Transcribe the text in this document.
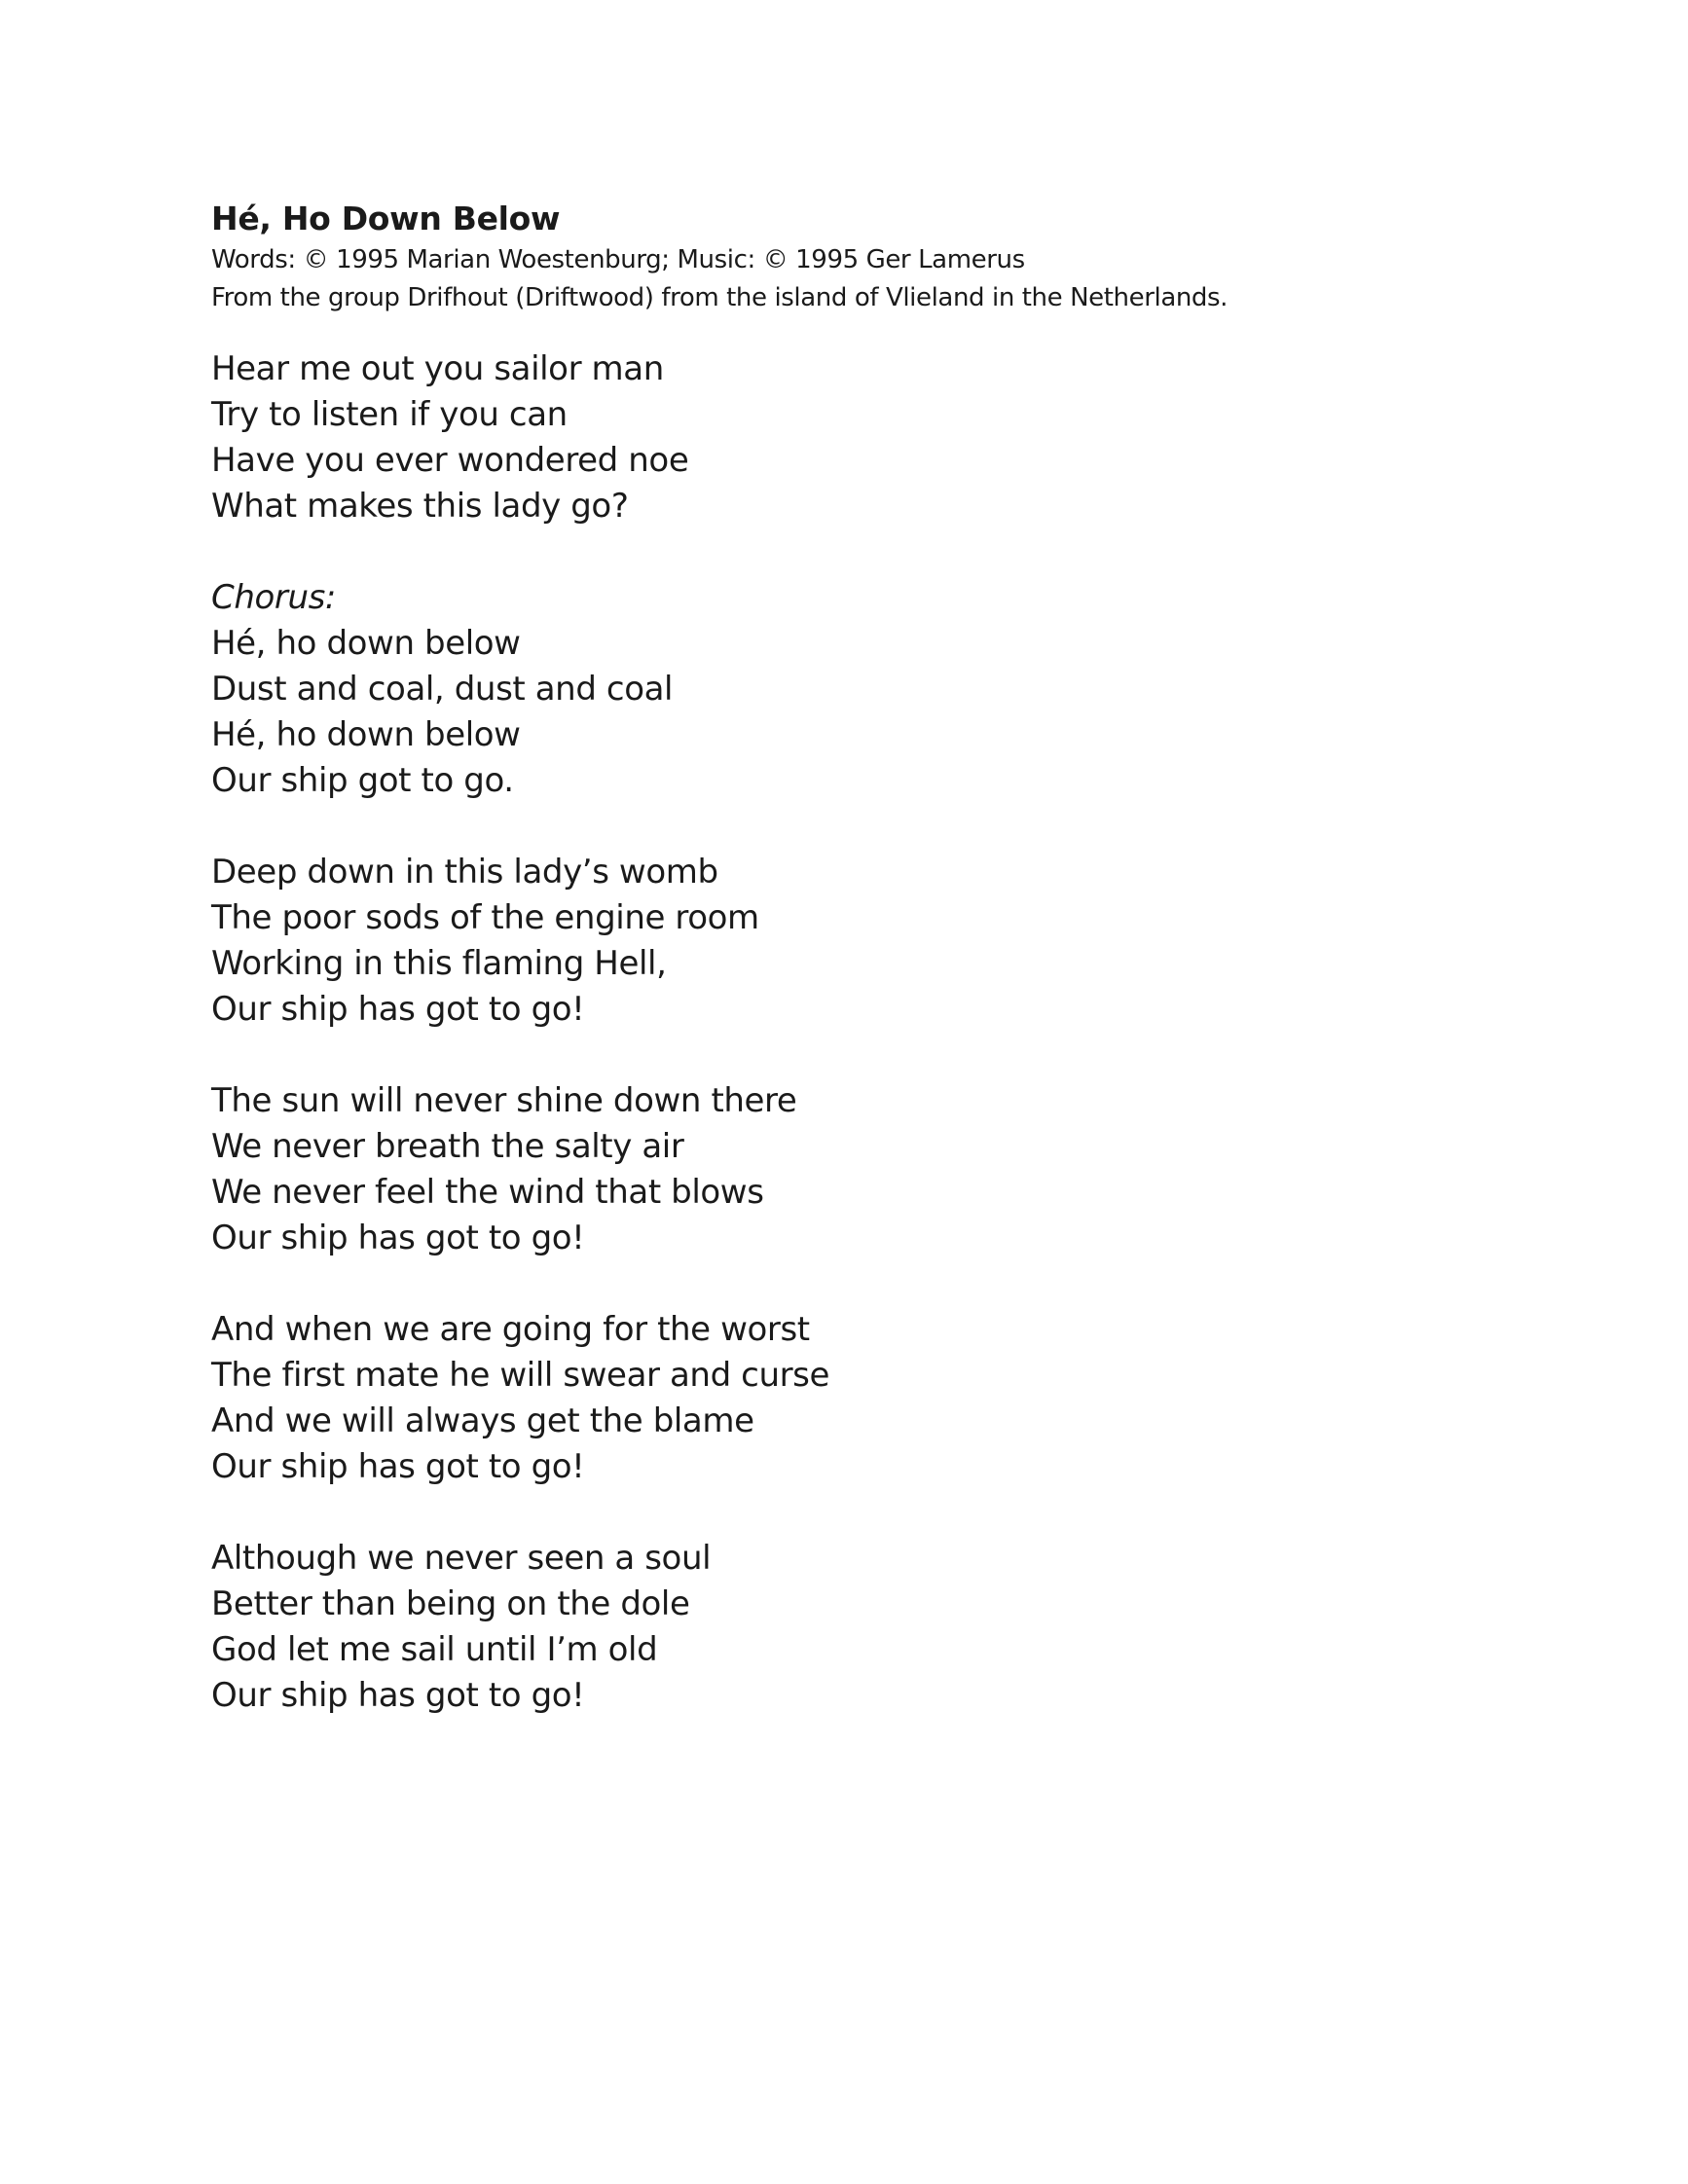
Hé, Ho Down Below

Words: © 1995 Marian Woestenburg; Music: © 1995 Ger Lamerus

From the group Drifhout (Driftwood) from the island of Vlieland in the Netherlands.

Hear me out you sailor man
Try to listen if you can
Have you ever wondered noe
What makes this lady go?
Chorus:
Hé, ho down below
Dust and coal, dust and coal
Hé, ho down below
Our ship got to go.
Deep down in this lady’s womb
The poor sods of the engine room
Working in this flaming Hell,
Our ship has got to go!
The sun will never shine down there
We never breath the salty air
We never feel the wind that blows
Our ship has got to go!
And when we are going for the worst
The first mate he will swear and curse
And we will always get the blame
Our ship has got to go!
Although we never seen a soul
Better than being on the dole
God let me sail until I’m old
Our ship has got to go!
